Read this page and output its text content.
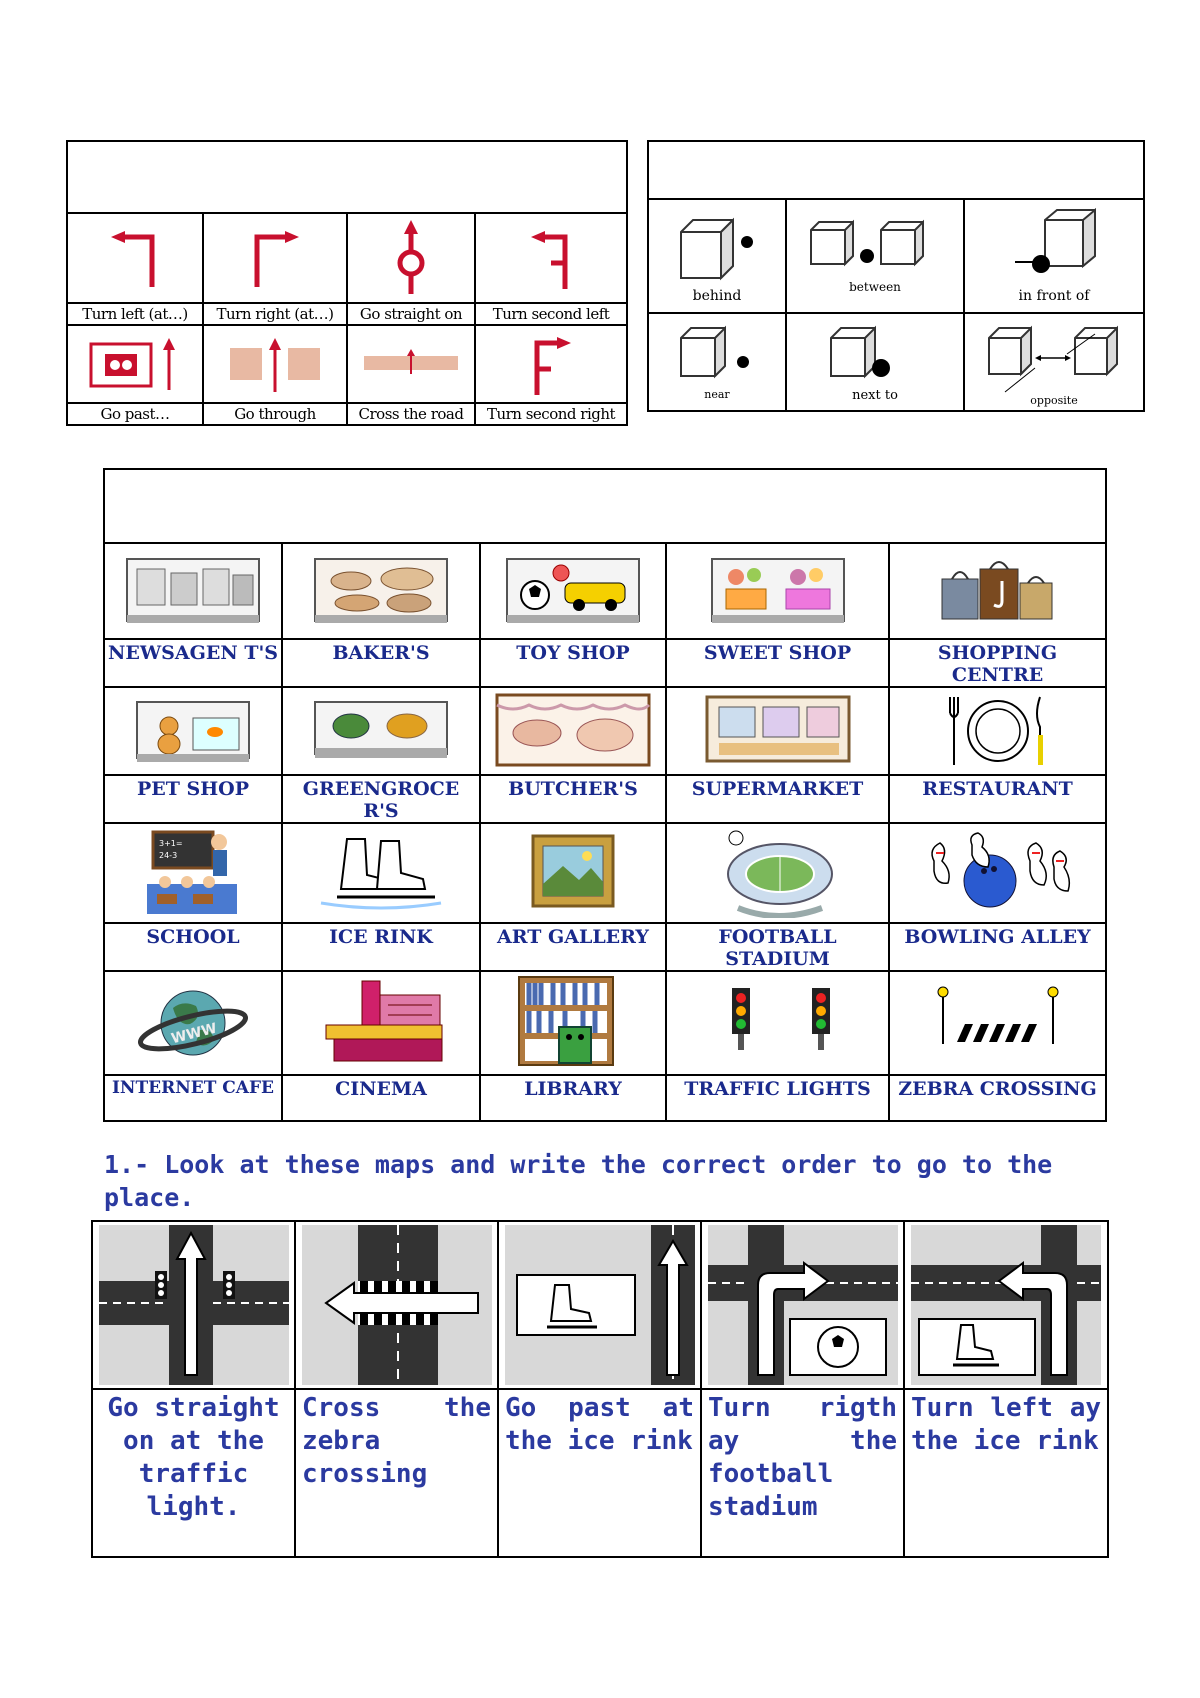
Turn left (at…)	Turn right (at…)	Go straight on	Turn second left

Go past…	Go through	Cross the road	Turn second right

behind	between	in front of

near	next to	opposite

NEWSAGEN T'S	BAKER'S	TOY SHOP	SWEET SHOP	SHOPPING CENTRE

PET SHOP	GREENGROCE R'S	BUTCHER'S	SUPERMARKET	RESTAURANT

3+1=
24-3

SCHOOL	ICE RINK	ART GALLERY	FOOTBALL STADIUM	BOWLING ALLEY

WWW

INTERNET CAFE	CINEMA	LIBRARY	TRAFFIC LIGHTS	ZEBRA CROSSING

1.- Look at these maps and write the correct order to go to the place.

Go straight on at the traffic light.	Cross the zebra crossing	Go past at the ice rink	Turn rigth ay the football stadium	Turn left ay the ice rink
